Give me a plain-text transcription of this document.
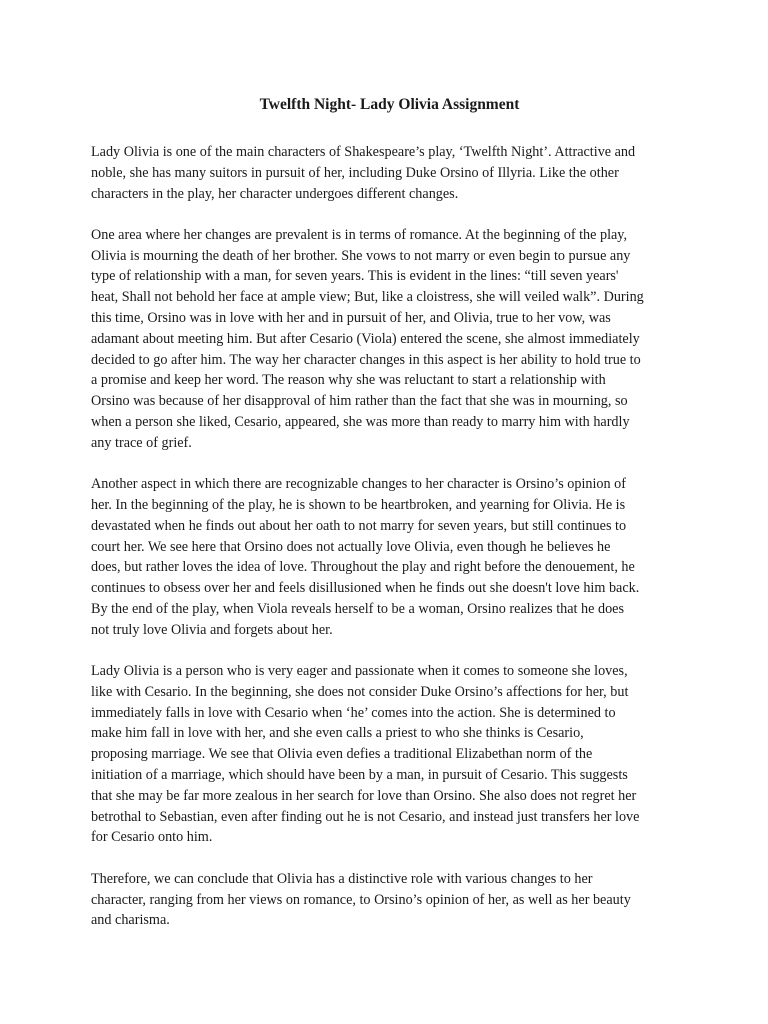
Twelfth Night- Lady Olivia Assignment
Lady Olivia is one of the main characters of Shakespeare’s play, ‘Twelfth Night’. Attractive and
noble, she has many suitors in pursuit of her, including Duke Orsino of Illyria. Like the other
characters in the play, her character undergoes different changes.
One area where her changes are prevalent is in terms of romance. At the beginning of the play,
Olivia is mourning the death of her brother. She vows to not marry or even begin to pursue any
type of relationship with a man, for seven years. This is evident in the lines: “till seven years'
heat, Shall not behold her face at ample view; But, like a cloistress, she will veiled walk”. During
this time, Orsino was in love with her and in pursuit of her, and Olivia, true to her vow, was
adamant about meeting him. But after Cesario (Viola) entered the scene, she almost immediately
decided to go after him. The way her character changes in this aspect is her ability to hold true to
a promise and keep her word. The reason why she was reluctant to start a relationship with
Orsino was because of her disapproval of him rather than the fact that she was in mourning, so
when a person she liked, Cesario, appeared, she was more than ready to marry him with hardly
any trace of grief.
Another aspect in which there are recognizable changes to her character is Orsino’s opinion of
her. In the beginning of the play, he is shown to be heartbroken, and yearning for Olivia. He is
devastated when he finds out about her oath to not marry for seven years, but still continues to
court her. We see here that Orsino does not actually love Olivia, even though he believes he
does, but rather loves the idea of love. Throughout the play and right before the denouement, he
continues to obsess over her and feels disillusioned when he finds out she doesn't love him back.
By the end of the play, when Viola reveals herself to be a woman, Orsino realizes that he does
not truly love Olivia and forgets about her.
Lady Olivia is a person who is very eager and passionate when it comes to someone she loves,
like with Cesario. In the beginning, she does not consider Duke Orsino’s affections for her, but
immediately falls in love with Cesario when ‘he’ comes into the action. She is determined to
make him fall in love with her, and she even calls a priest to who she thinks is Cesario,
proposing marriage. We see that Olivia even defies a traditional Elizabethan norm of the
initiation of a marriage, which should have been by a man, in pursuit of Cesario. This suggests
that she may be far more zealous in her search for love than Orsino. She also does not regret her
betrothal to Sebastian, even after finding out he is not Cesario, and instead just transfers her love
for Cesario onto him.
Therefore, we can conclude that Olivia has a distinctive role with various changes to her
character, ranging from her views on romance, to Orsino’s opinion of her, as well as her beauty
and charisma.
